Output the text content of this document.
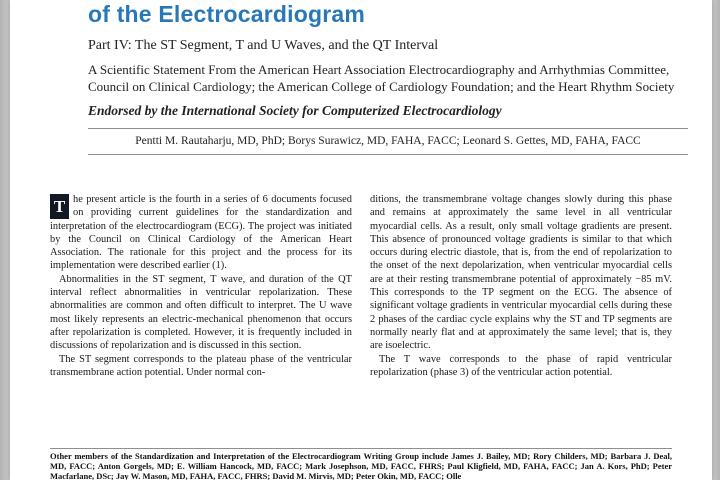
of the Electrocardiogram
Part IV: The ST Segment, T and U Waves, and the QT Interval
A Scientific Statement From the American Heart Association Electrocardiography and Arrhythmias Committee, Council on Clinical Cardiology; the American College of Cardiology Foundation; and the Heart Rhythm Society
Endorsed by the International Society for Computerized Electrocardiology
Pentti M. Rautaharju, MD, PhD; Borys Surawicz, MD, FAHA, FACC; Leonard S. Gettes, MD, FAHA, FACC

T he present article is the fourth in a series of 6 documents focused on providing current guidelines for the standardization and interpretation of the electrocardiogram (ECG). The project was initiated by the Council on Clinical Cardiology of the American Heart Association. The rationale for this project and the process for its implementation were described earlier (1).

Abnormalities in the ST segment, T wave, and duration of the QT interval reflect abnormalities in ventricular repolarization. These abnormalities are common and often difficult to interpret. The U wave most likely represents an electric-mechanical phenomenon that occurs after repolarization is completed. However, it is frequently included in discussions of repolarization and is discussed in this section.

The ST segment corresponds to the plateau phase of the ventricular transmembrane action potential. Under normal con-

ditions, the transmembrane voltage changes slowly during this phase and remains at approximately the same level in all ventricular myocardial cells. As a result, only small voltage gradients are present. This absence of pronounced voltage gradients is similar to that which occurs during electric diastole, that is, from the end of repolarization to the onset of the next depolarization, when ventricular myocardial cells are at their resting transmembrane potential of approximately −85 mV. This corresponds to the TP segment on the ECG. The absence of significant voltage gradients in ventricular myocardial cells during these 2 phases of the cardiac cycle explains why the ST and TP segments are normally nearly flat and at approximately the same level; that is, they are isoelectric.

The T wave corresponds to the phase of rapid ventricular repolarization (phase 3) of the ventricular action potential.

Other members of the Standardization and Interpretation of the Electrocardiogram Writing Group include James J. Bailey, MD; Rory Childers, MD; Barbara J. Deal, MD, FACC; Anton Gorgels, MD; E. William Hancock, MD, FACC; Mark Josephson, MD, FACC, FHRS; Paul Kligfield, MD, FAHA, FACC; Jan A. Kors, PhD; Peter Macfarlane, DSc; Jay W. Mason, MD, FAHA, FACC, FHRS; David M. Mirvis, MD; Peter Okin, MD, FACC; Olle
